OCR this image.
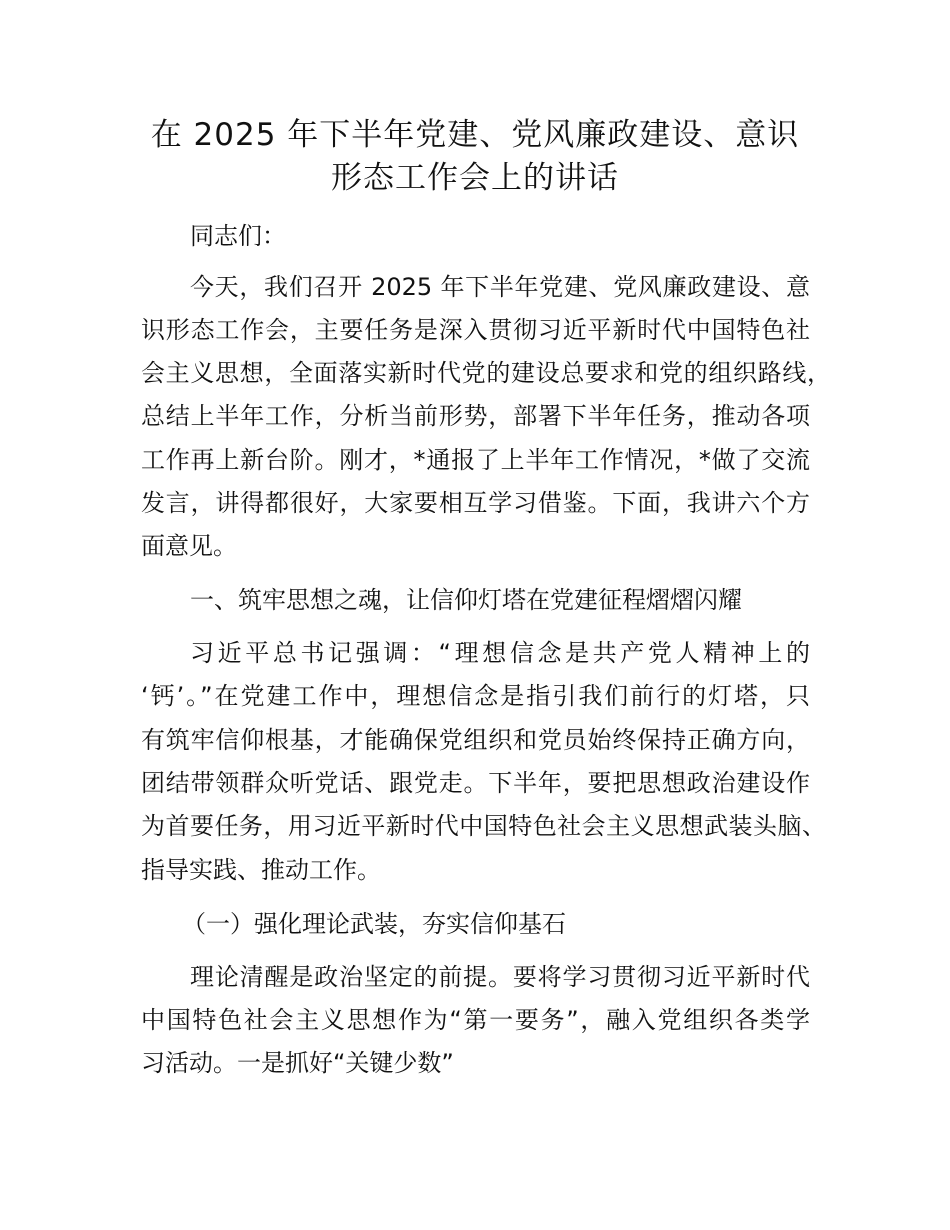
在 2025 年下半年党建、党风廉政建设、意识
形态工作会上的讲话
同志们：
今天，我们召开 2025 年下半年党建、党风廉政建设、意
识形态工作会，主要任务是深入贯彻习近平新时代中国特色社
会主义思想，全面落实新时代党的建设总要求和党的组织路线，
总结上半年工作，分析当前形势，部署下半年任务，推动各项
工作再上新台阶。刚才，*通报了上半年工作情况，*做了交流
发言，讲得都很好，大家要相互学习借鉴。下面，我讲六个方
面意见。
一、筑牢思想之魂，让信仰灯塔在党建征程熠熠闪耀
习近平总书记强调：“理想信念是共产党人精神上的
‘钙’。”在党建工作中，理想信念是指引我们前行的灯塔，只
有筑牢信仰根基，才能确保党组织和党员始终保持正确方向，
团结带领群众听党话、跟党走。下半年，要把思想政治建设作
为首要任务，用习近平新时代中国特色社会主义思想武装头脑、
指导实践、推动工作。
（一）强化理论武装，夯实信仰基石
理论清醒是政治坚定的前提。要将学习贯彻习近平新时代
中国特色社会主义思想作为“第一要务”，融入党组织各类学
习活动。一是抓好“关键少数”
